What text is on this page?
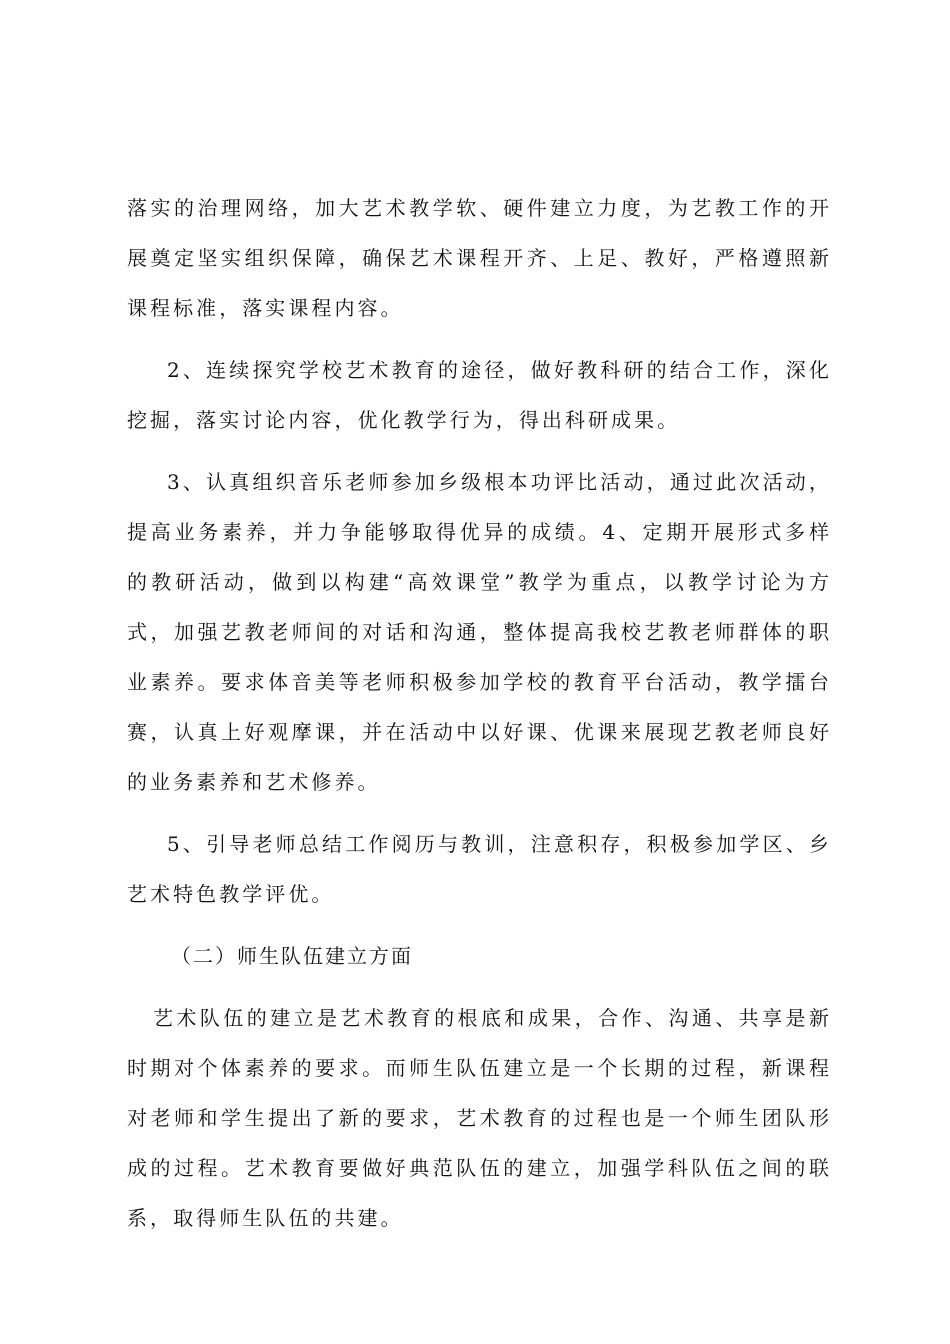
落实的治理网络，加大艺术教学软、硬件建立力度，为艺教工作的开展奠定坚实组织保障，确保艺术课程开齐、上足、教好，严格遵照新课程标准，落实课程内容。

2、连续探究学校艺术教育的途径，做好教科研的结合工作，深化挖掘，落实讨论内容，优化教学行为，得出科研成果。

3、认真组织音乐老师参加乡级根本功评比活动，通过此次活动，提高业务素养，并力争能够取得优异的成绩。4、定期开展形式多样的教研活动，做到以构建“高效课堂”教学为重点，以教学讨论为方式，加强艺教老师间的对话和沟通，整体提高我校艺教老师群体的职业素养。要求体音美等老师积极参加学校的教育平台活动，教学擂台赛，认真上好观摩课，并在活动中以好课、优课来展现艺教老师良好的业务素养和艺术修养。

5、引导老师总结工作阅历与教训，注意积存，积极参加学区、乡艺术特色教学评优。

（二）师生队伍建立方面

艺术队伍的建立是艺术教育的根底和成果，合作、沟通、共享是新时期对个体素养的要求。而师生队伍建立是一个长期的过程，新课程对老师和学生提出了新的要求，艺术教育的过程也是一个师生团队形成的过程。艺术教育要做好典范队伍的建立，加强学科队伍之间的联系，取得师生队伍的共建。
